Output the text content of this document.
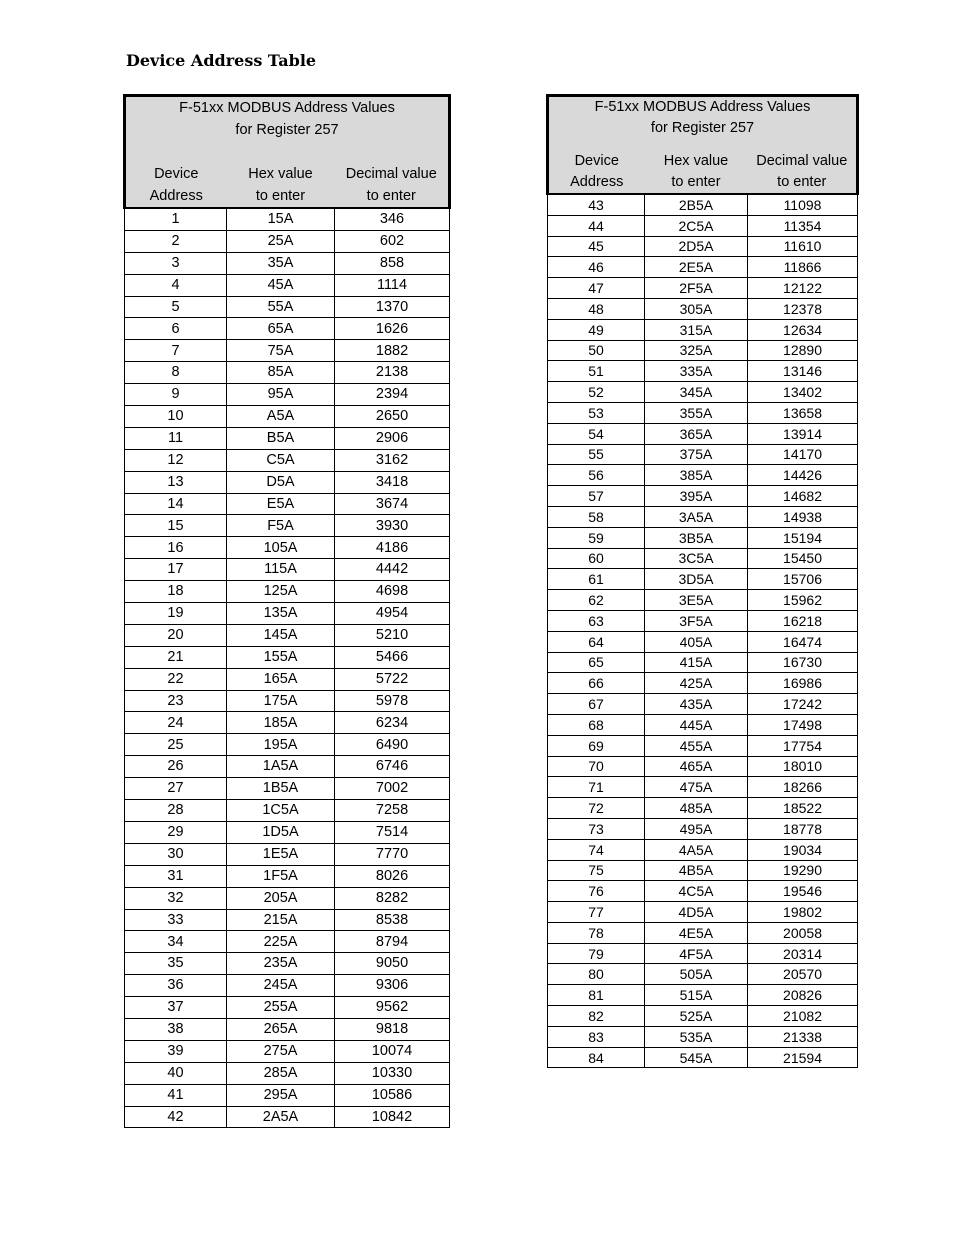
Device Address Table
F-51xx MODBUS Address Values		
for Register 257		

Device	Hex value	Decimal value
Address	to enter	to enter
1	15A	346
2	25A	602
3	35A	858
4	45A	1114
5	55A	1370
6	65A	1626
7	75A	1882
8	85A	2138
9	95A	2394
10	A5A	2650
11	B5A	2906
12	C5A	3162
13	D5A	3418
14	E5A	3674
15	F5A	3930
16	105A	4186
17	115A	4442
18	125A	4698
19	135A	4954
20	145A	5210
21	155A	5466
22	165A	5722
23	175A	5978
24	185A	6234
25	195A	6490
26	1A5A	6746
27	1B5A	7002
28	1C5A	7258
29	1D5A	7514
30	1E5A	7770
31	1F5A	8026
32	205A	8282
33	215A	8538
34	225A	8794
35	235A	9050
36	245A	9306
37	255A	9562
38	265A	9818
39	275A	10074
40	285A	10330
41	295A	10586
42	2A5A	10842
F-51xx MODBUS Address Values		
for Register 257		

Device	Hex value	Decimal value
Address	to enter	to enter
43	2B5A	11098
44	2C5A	11354
45	2D5A	11610
46	2E5A	11866
47	2F5A	12122
48	305A	12378
49	315A	12634
50	325A	12890
51	335A	13146
52	345A	13402
53	355A	13658
54	365A	13914
55	375A	14170
56	385A	14426
57	395A	14682
58	3A5A	14938
59	3B5A	15194
60	3C5A	15450
61	3D5A	15706
62	3E5A	15962
63	3F5A	16218
64	405A	16474
65	415A	16730
66	425A	16986
67	435A	17242
68	445A	17498
69	455A	17754
70	465A	18010
71	475A	18266
72	485A	18522
73	495A	18778
74	4A5A	19034
75	4B5A	19290
76	4C5A	19546
77	4D5A	19802
78	4E5A	20058
79	4F5A	20314
80	505A	20570
81	515A	20826
82	525A	21082
83	535A	21338
84	545A	21594
